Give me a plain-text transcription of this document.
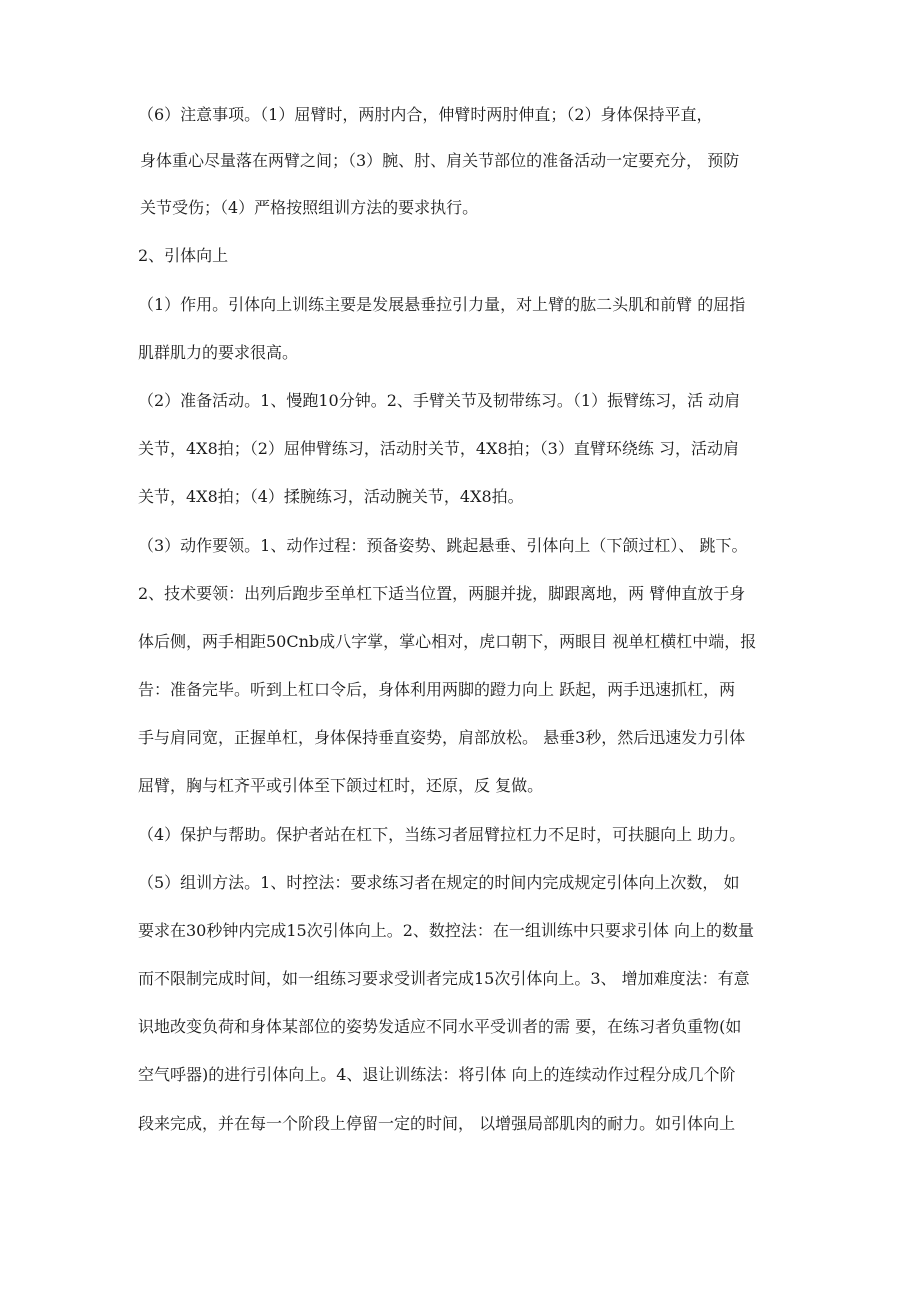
（6）注意事项。（1）屈臂时，两肘内合，伸臂时两肘伸直；（2）身体保持平直，
身体重心尽量落在两臂之间；（3）腕、肘、肩关节部位的准备活动一定要充分， 预防
关节受伤；（4）严格按照组训方法的要求执行。
2、引体向上
（1）作用。引体向上训练主要是发展悬垂拉引力量，对上臂的肱二头肌和前臂 的屈指
肌群肌力的要求很高。
（2）准备活动。1、慢跑10分钟。2、手臂关节及韧带练习。（1）振臂练习，活 动肩
关节，4X8拍；（2）屈伸臂练习，活动肘关节，4X8拍；（3）直臂环绕练 习，活动肩
关节，4X8拍；（4）揉腕练习，活动腕关节，4X8拍。
（3）动作要领。1、动作过程：预备姿势、跳起悬垂、引体向上（下颌过杠）、 跳下。
2、技术要领：出列后跑步至单杠下适当位置，两腿并拢，脚跟离地，两 臂伸直放于身
体后侧，两手相距50Cnb成八字掌，掌心相对，虎口朝下，两眼目 视单杠横杠中端，报
告：准备完毕。听到上杠口令后，身体利用两脚的蹬力向上 跃起，两手迅速抓杠，两
手与肩同宽，正握单杠，身体保持垂直姿势，肩部放松。 悬垂3秒，然后迅速发力引体
屈臂，胸与杠齐平或引体至下颌过杠时，还原，反 复做。
（4）保护与帮助。保护者站在杠下，当练习者屈臂拉杠力不足时，可扶腿向上 助力。
（5）组训方法。1、时控法：要求练习者在规定的时间内完成规定引体向上次数， 如
要求在30秒钟内完成15次引体向上。2、数控法：在一组训练中只要求引体 向上的数量
而不限制完成时间，如一组练习要求受训者完成15次引体向上。3、 增加难度法：有意
识地改变负荷和身体某部位的姿势发适应不同水平受训者的需 要，在练习者负重物(如
空气呼器)的进行引体向上。4、退让训练法：将引体 向上的连续动作过程分成几个阶
段来完成，并在每一个阶段上停留一定的时间， 以增强局部肌肉的耐力。如引体向上
